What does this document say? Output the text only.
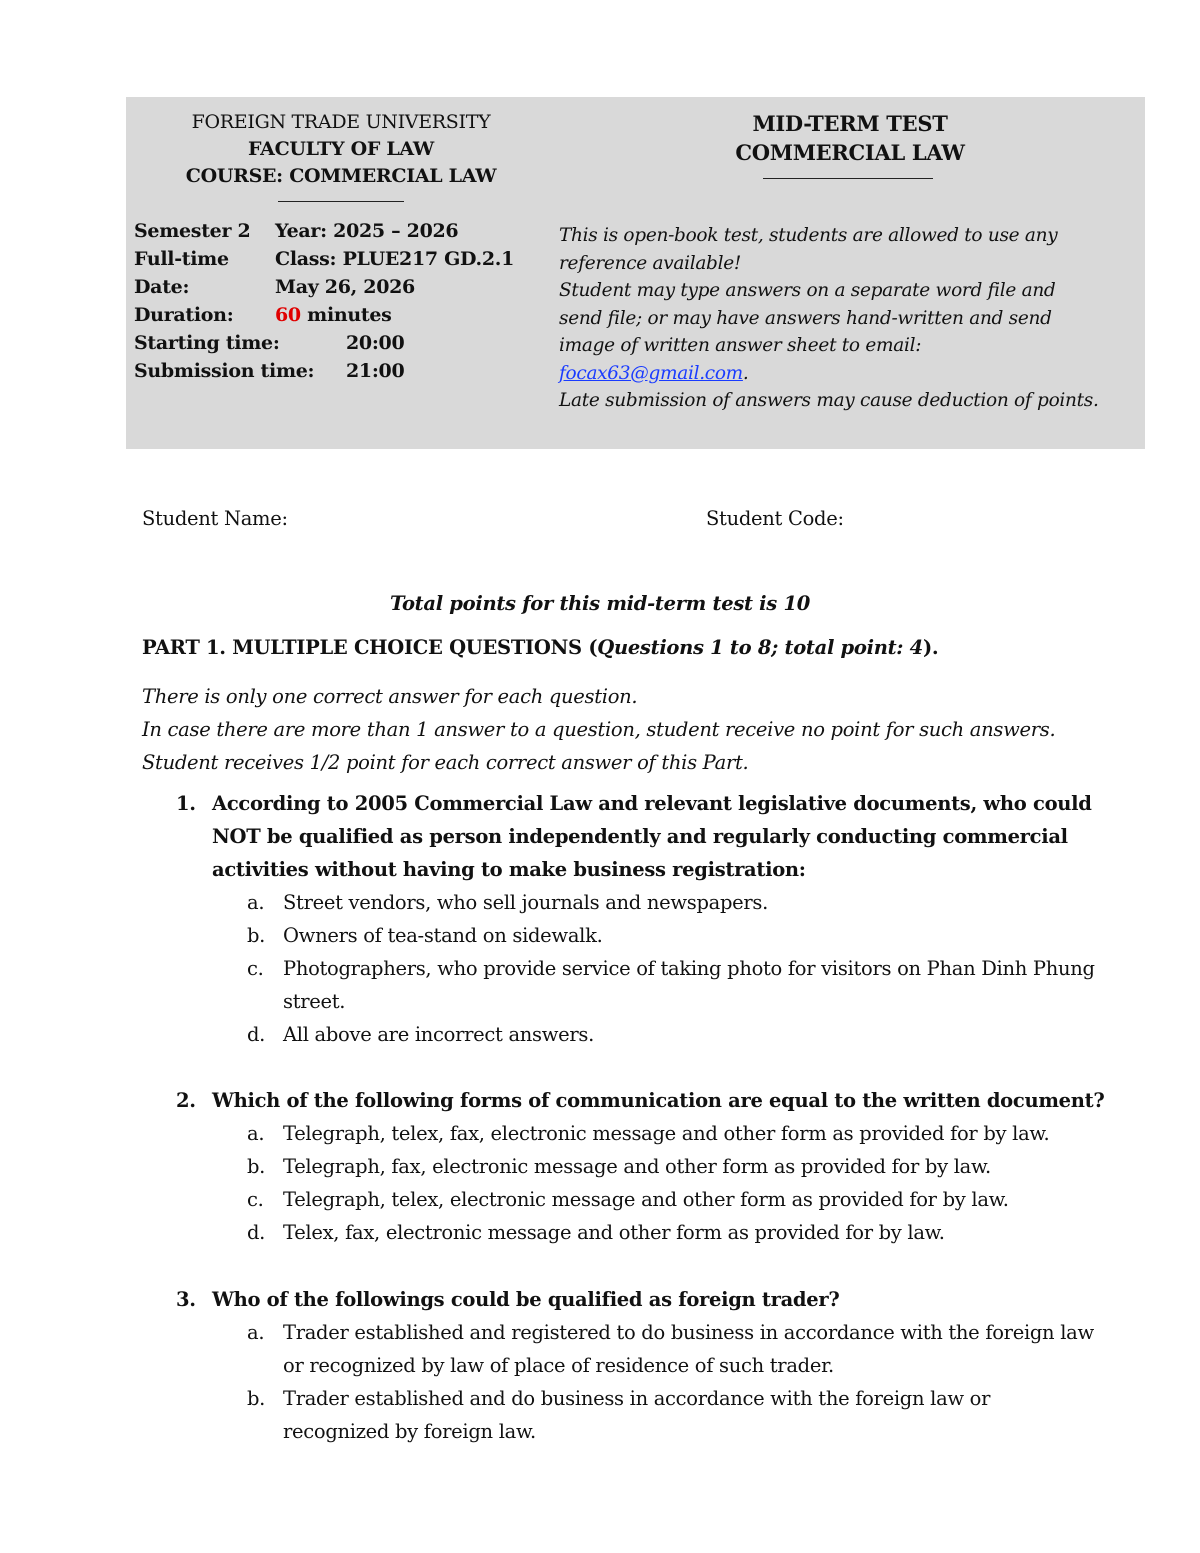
FOREIGN TRADE UNIVERSITY
FACULTY OF LAW
COURSE: COMMERCIAL LAW
MID-TERM TEST
COMMERCIAL LAW
Semester 2 Year: 2025 – 2026
Full-time Class: PLUE217 GD.2.1
Date:	May 26, 2026
Duration: 60 minutes
Starting time:	20:00
Submission time: 21:00
This is open-book test, students are allowed to use any
reference available!
Student may type answers on a separate word file and
send file; or may have answers hand-written and send
image of written answer sheet to email:
focax63@gmail.com.
Late submission of answers may cause deduction of points.
Student Name:	Student Code:
Total points for this mid-term test is 10
PART 1. MULTIPLE CHOICE QUESTIONS (Questions 1 to 8; total point: 4).
There is only one correct answer for each question.
In case there are more than 1 answer to a question, student receive no point for such answers.
Student receives 1/2 point for each correct answer of this Part.
1. According to 2005 Commercial Law and relevant legislative documents, who could
NOT be qualified as person independently and regularly conducting commercial
activities without having to make business registration:
a. Street vendors, who sell journals and newspapers.
b. Owners of tea-stand on sidewalk.
c. Photographers, who provide service of taking photo for visitors on Phan Dinh Phung
street.
d. All above are incorrect answers.
2. Which of the following forms of communication are equal to the written document?
a. Telegraph, telex, fax, electronic message and other form as provided for by law.
b. Telegraph, fax, electronic message and other form as provided for by law.
c. Telegraph, telex, electronic message and other form as provided for by law.
d. Telex, fax, electronic message and other form as provided for by law.
3. Who of the followings could be qualified as foreign trader?
a. Trader established and registered to do business in accordance with the foreign law
or recognized by law of place of residence of such trader.
b. Trader established and do business in accordance with the foreign law or
recognized by foreign law.
